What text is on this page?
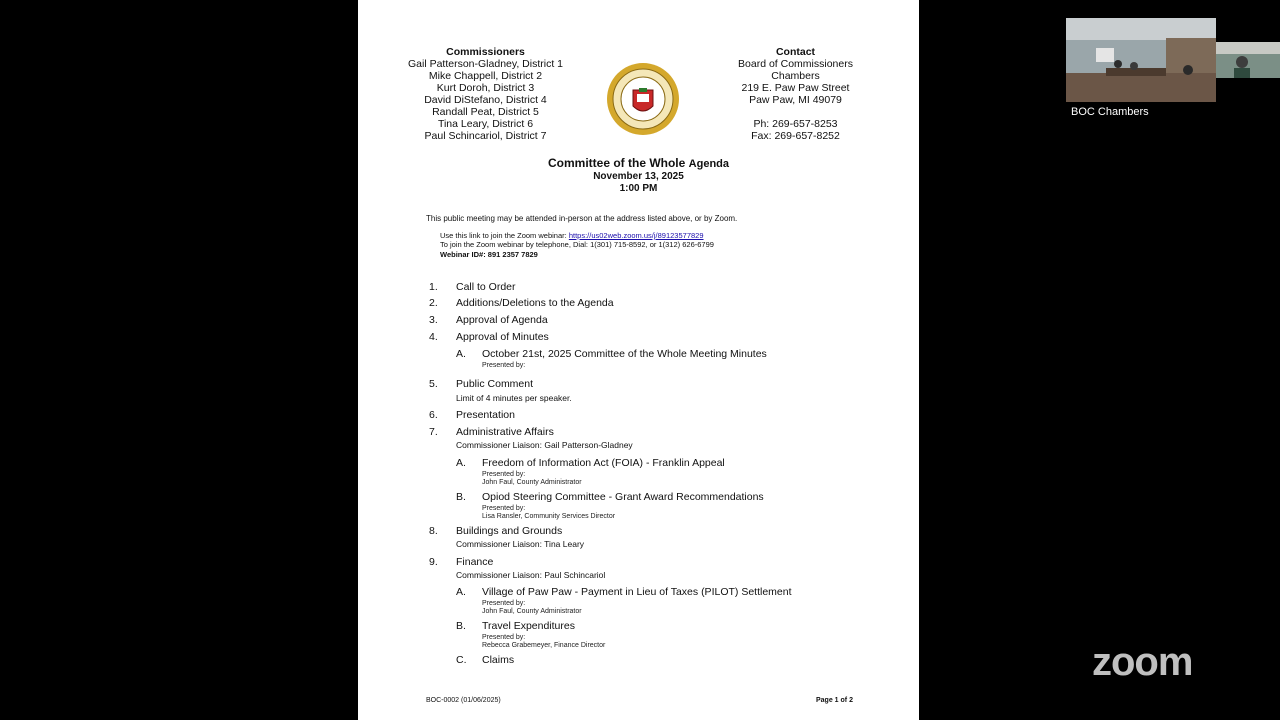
Commissioners
Gail Patterson-Gladney, District 1
Mike Chappell, District 2
Kurt Doroh, District 3
David DiStefano, District 4
Randall Peat, District 5
Tina Leary, District 6
Paul Schincariol, District 7
Contact
Board of Commissioners
Chambers
219 E. Paw Paw Street
Paw Paw, MI 49079
Ph: 269-657-8253
Fax: 269-657-8252
Committee of the Whole Agenda
November 13, 2025
1:00 PM
This public meeting may be attended in-person at the address listed above, or by Zoom.
Use this link to join the Zoom webinar: https://us02web.zoom.us/j/89123577829
To join the Zoom webinar by telephone, Dial: 1(301) 715-8592, or 1(312) 626-6799
Webinar ID#: 891 2357 7829
1.	Call to Order
2.	Additions/Deletions to the Agenda
3.	Approval of Agenda
4.	Approval of Minutes
A.	October 21st, 2025 Committee of the Whole Meeting Minutes
Presented by:
5.	Public Comment
Limit of 4 minutes per speaker.
6.	Presentation
7.	Administrative Affairs
Commissioner Liaison: Gail Patterson-Gladney
A.	Freedom of Information Act (FOIA) - Franklin Appeal
Presented by:
John Faul, County Administrator
B.	Opiod Steering Committee - Grant Award Recommendations
Presented by:
Lisa Ransler, Community Services Director
8.	Buildings and Grounds
Commissioner Liaison: Tina Leary
9.	Finance
Commissioner Liaison: Paul Schincariol
A.	Village of Paw Paw - Payment in Lieu of Taxes (PILOT) Settlement
Presented by:
John Faul, County Administrator
B.	Travel Expenditures
Presented by:
Rebecca Grabemeyer, Finance Director
C.	Claims
BOC-0002 (01/06/2025)	Page 1 of 2
BOC Chambers
zoom
